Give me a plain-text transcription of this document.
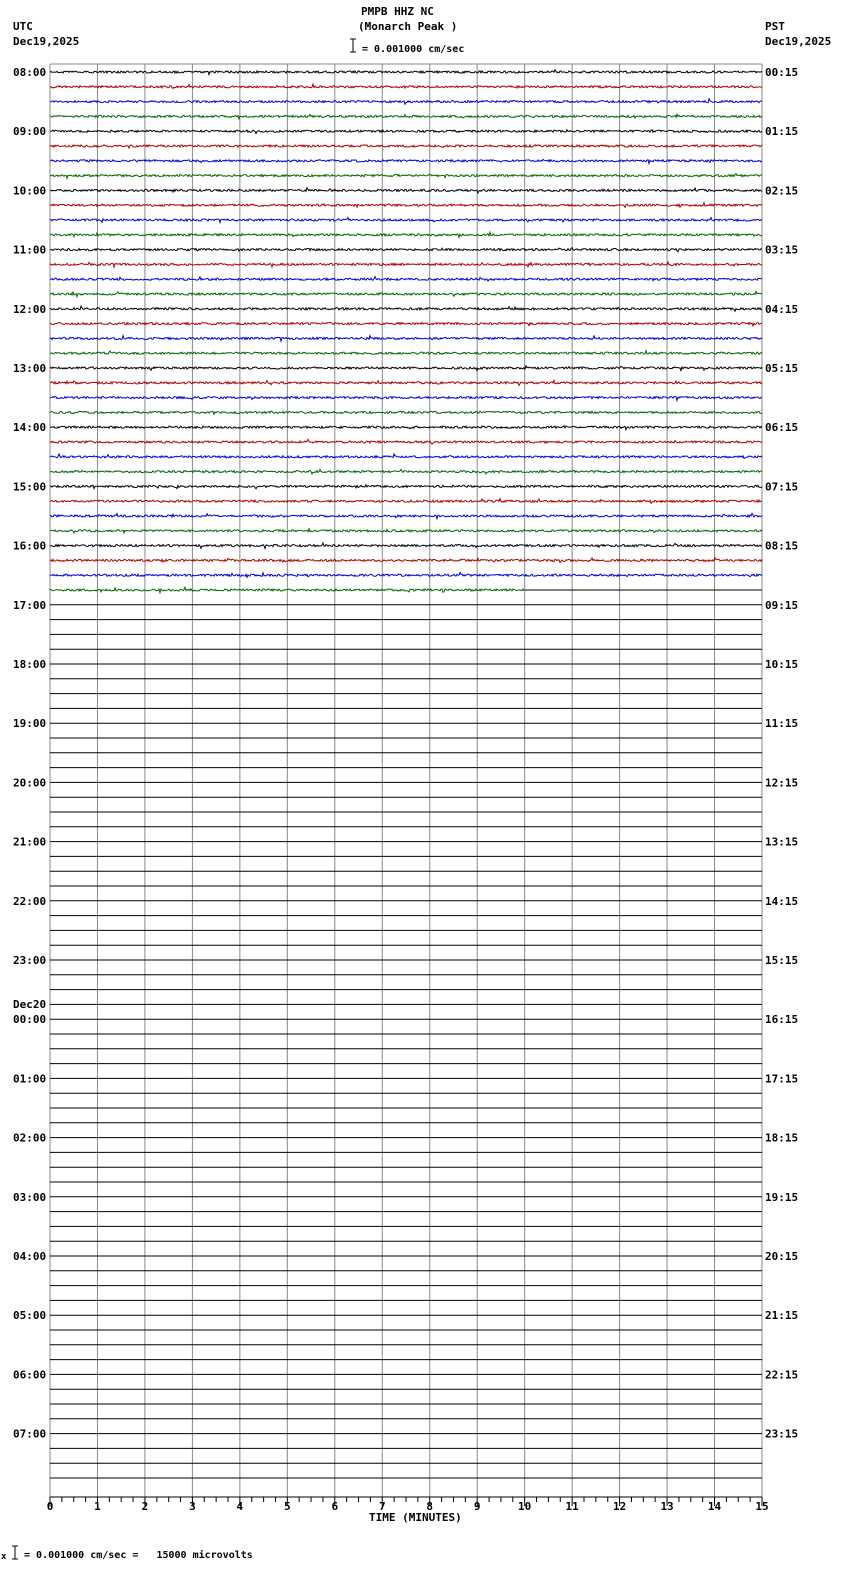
PMPB HHZ NC
(Monarch Peak )
= 0.001000 cm/sec
UTC
Dec19,2025
PST
Dec19,2025
0	1	2	3	4	5	6	7	8	9	10	11	12	13	14	15
08:00
09:00
10:00
11:00
12:00
13:00
14:00
15:00
16:00
17:00
18:00
19:00
20:00
21:00
22:00
23:00
00:00
Dec20
01:00
02:00
03:00
04:00
05:00
06:00
07:00
00:15
01:15
02:15
03:15
04:15
05:15
06:15
07:15
08:15
09:15
10:15
11:15
12:15
13:15
14:15
15:15
16:15
17:15
18:15
19:15
20:15
21:15
22:15
23:15
TIME (MINUTES)
x = 0.001000 cm/sec =   15000 microvolts
